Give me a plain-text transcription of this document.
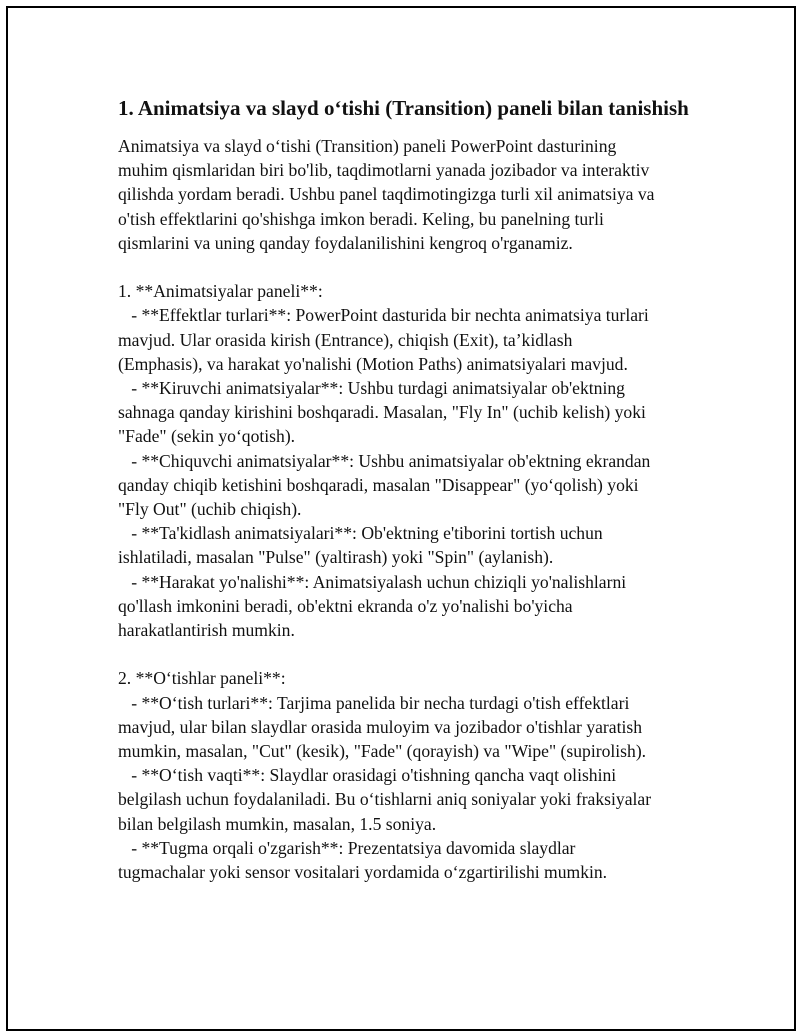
1. Animatsiya va slayd o‘tishi (Transition) paneli bilan tanishish

Animatsiya va slayd o‘tishi (Transition) paneli PowerPoint dasturining
muhim qismlaridan biri bo'lib, taqdimotlarni yanada jozibador va interaktiv
qilishda yordam beradi. Ushbu panel taqdimotingizga turli xil animatsiya va
o'tish effektlarini qo'shishga imkon beradi. Keling, bu panelning turli
qismlarini va uning qanday foydalanilishini kengroq o'rganamiz.

1. **Animatsiyalar paneli**:
- **Effektlar turlari**: PowerPoint dasturida bir nechta animatsiya turlari
mavjud. Ular orasida kirish (Entrance), chiqish (Exit), ta’kidlash
(Emphasis), va harakat yo'nalishi (Motion Paths) animatsiyalari mavjud.
- **Kiruvchi animatsiyalar**: Ushbu turdagi animatsiyalar ob'ektning
sahnaga qanday kirishini boshqaradi. Masalan, "Fly In" (uchib kelish) yoki
"Fade" (sekin yo‘qotish).
- **Chiquvchi animatsiyalar**: Ushbu animatsiyalar ob'ektning ekrandan
qanday chiqib ketishini boshqaradi, masalan "Disappear" (yo‘qolish) yoki
"Fly Out" (uchib chiqish).
- **Ta'kidlash animatsiyalari**: Ob'ektning e'tiborini tortish uchun
ishlatiladi, masalan "Pulse" (yaltirash) yoki "Spin" (aylanish).
- **Harakat yo'nalishi**: Animatsiyalash uchun chiziqli yo'nalishlarni
qo'llash imkonini beradi, ob'ektni ekranda o'z yo'nalishi bo'yicha
harakatlantirish mumkin.

2. **O‘tishlar paneli**:
- **O‘tish turlari**: Tarjima panelida bir necha turdagi o'tish effektlari
mavjud, ular bilan slaydlar orasida muloyim va jozibador o'tishlar yaratish
mumkin, masalan, "Cut" (kesik), "Fade" (qorayish) va "Wipe" (supirolish).
- **O‘tish vaqti**: Slaydlar orasidagi o'tishning qancha vaqt olishini
belgilash uchun foydalaniladi. Bu o‘tishlarni aniq soniyalar yoki fraksiyalar
bilan belgilash mumkin, masalan, 1.5 soniya.
- **Tugma orqali o'zgarish**: Prezentatsiya davomida slaydlar
tugmachalar yoki sensor vositalari yordamida o‘zgartirilishi mumkin.
